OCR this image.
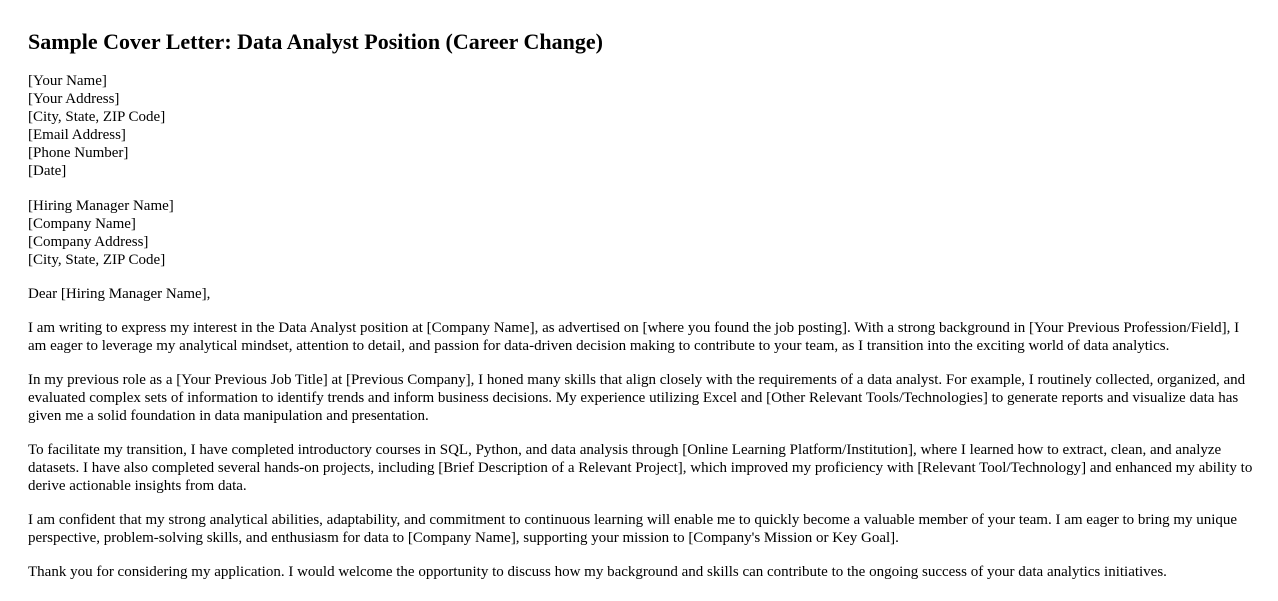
Sample Cover Letter: Data Analyst Position (Career Change)
[Your Name]
[Your Address]
[City, State, ZIP Code]
[Email Address]
[Phone Number]
[Date]
[Hiring Manager Name]
[Company Name]
[Company Address]
[City, State, ZIP Code]

Dear [Hiring Manager Name],

I am writing to express my interest in the Data Analyst position at [Company Name], as advertised on [where you found the job posting]. With a strong background in [Your Previous Profession/Field], I am eager to leverage my analytical mindset, attention to detail, and passion for data-driven decision making to contribute to your team, as I transition into the exciting world of data analytics.

In my previous role as a [Your Previous Job Title] at [Previous Company], I honed many skills that align closely with the requirements of a data analyst. For example, I routinely collected, organized, and evaluated complex sets of information to identify trends and inform business decisions. My experience utilizing Excel and [Other Relevant Tools/Technologies] to generate reports and visualize data has given me a solid foundation in data manipulation and presentation.

To facilitate my transition, I have completed introductory courses in SQL, Python, and data analysis through [Online Learning Platform/Institution], where I learned how to extract, clean, and analyze datasets. I have also completed several hands-on projects, including [Brief Description of a Relevant Project], which improved my proficiency with [Relevant Tool/Technology] and enhanced my ability to derive actionable insights from data.

I am confident that my strong analytical abilities, adaptability, and commitment to continuous learning will enable me to quickly become a valuable member of your team. I am eager to bring my unique perspective, problem-solving skills, and enthusiasm for data to [Company Name], supporting your mission to [Company's Mission or Key Goal].

Thank you for considering my application. I would welcome the opportunity to discuss how my background and skills can contribute to the ongoing success of your data analytics initiatives.
